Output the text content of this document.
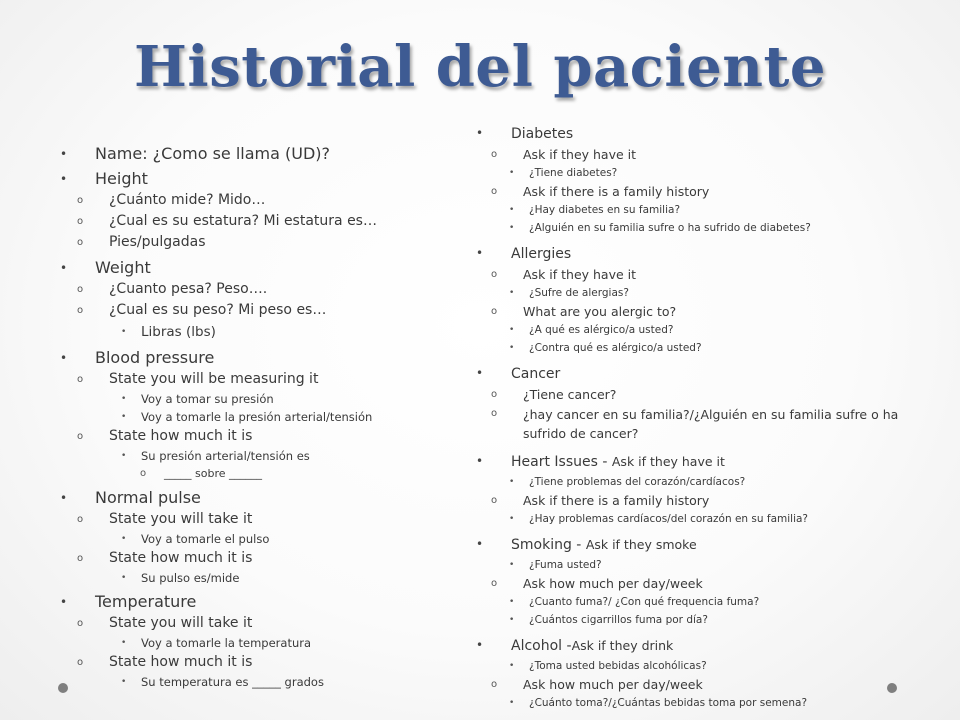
Historial del paciente
• Name: ¿Como se llama (UD)?
• Height
o ¿Cuánto mide? Mido…
o ¿Cual es su estatura? Mi estatura es…
o Pies/pulgadas
• Weight
o ¿Cuanto pesa? Peso….
o ¿Cual es su peso? Mi peso es…
• Libras (lbs)
• Blood pressure
o State you will be measuring it
• Voy a tomar su presión
• Voy a tomarle la presión arterial/tensión
o State how much it is
• Su presión arterial/tensión es
o _____ sobre ______
• Normal pulse
o State you will take it
• Voy a tomarle el pulso
o State how much it is
• Su pulso es/mide
• Temperature
o State you will take it
• Voy a tomarle la temperatura
o State how much it is
• Su temperatura es _____ grados
• Diabetes
o Ask if they have it
• ¿Tiene diabetes?
o Ask if there is a family history
• ¿Hay diabetes en su familia?
• ¿Alguién en su familia sufre o ha sufrido de diabetes?
• Allergies
o Ask if they have it
• ¿Sufre de alergias?
o What are you alergic to?
• ¿A qué es alérgico/a usted?
• ¿Contra qué es alérgico/a usted?
• Cancer
o ¿Tiene cancer?
o ¿hay cancer en su familia?/¿Alguién en su familia sufre o ha sufrido de cancer?
• Heart Issues - Ask if they have it
• ¿Tiene problemas del corazón/cardíacos?
o Ask if there is a family history
• ¿Hay problemas cardíacos/del corazón en su familia?
• Smoking - Ask if they smoke
• ¿Fuma usted?
o Ask how much per day/week
• ¿Cuanto fuma?/ ¿Con qué frequencia fuma?
• ¿Cuántos cigarrillos fuma por día?
• Alcohol -Ask if they drink
• ¿Toma usted bebidas alcohólicas?
o Ask how much per day/week
• ¿Cuánto toma?/¿Cuántas bebidas toma por semena?
